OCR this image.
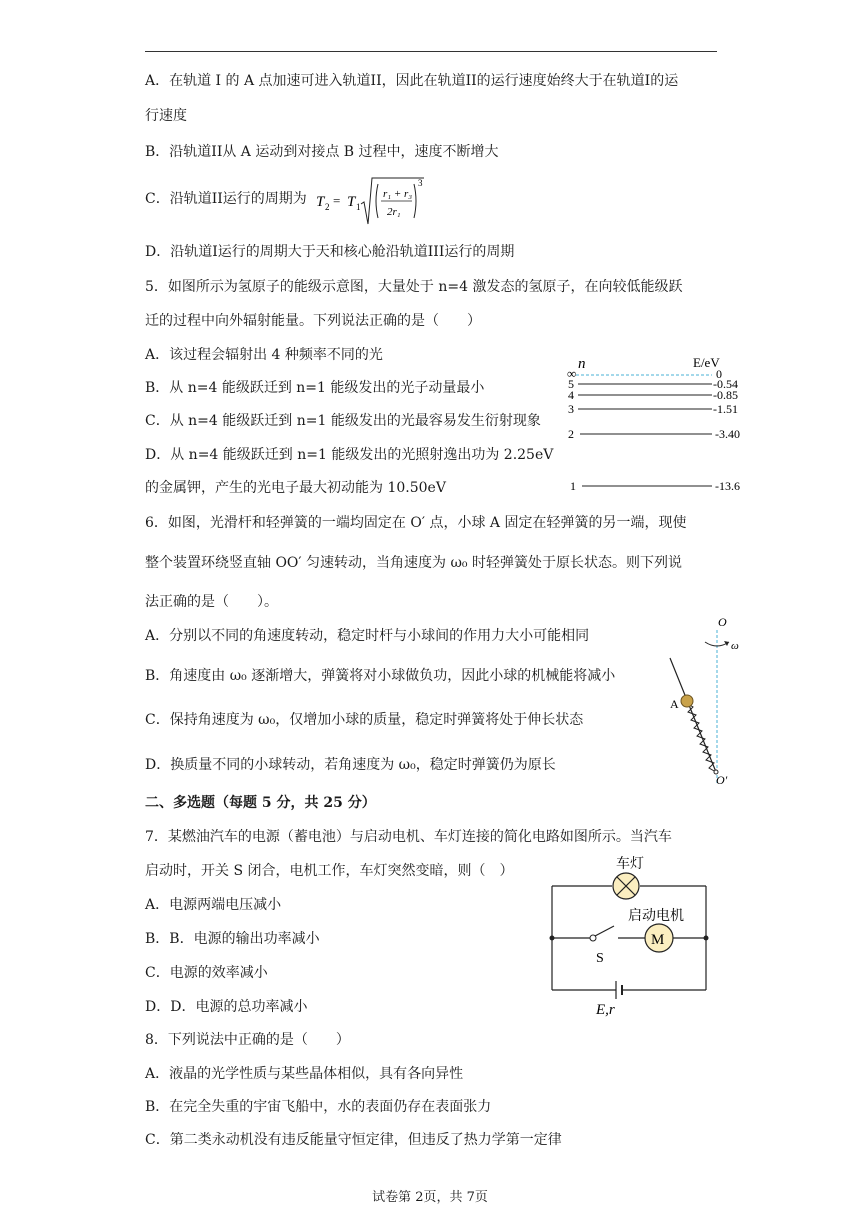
A．在轨道 I 的 A 点加速可进入轨道II，因此在轨道II的运行速度始终大于在轨道I的运
行速度
B．沿轨道II从 A 运动到对接点 B 过程中，速度不断增大
C．沿轨道II运行的周期为 T 2 = T 1
r₁ + r₃
2r₁
3
D．沿轨道I运行的周期大于天和核心舱沿轨道III运行的周期
5．如图所示为氢原子的能级示意图，大量处于 n=4 激发态的氢原子，在向较低能级跃
迁的过程中向外辐射能量。下列说法正确的是（　　）
A．该过程会辐射出 4 种频率不同的光
B．从 n=4 能级跃迁到 n=1 能级发出的光子动量最小
C．从 n=4 能级跃迁到 n=1 能级发出的光最容易发生衍射现象
D．从 n=4 能级跃迁到 n=1 能级发出的光照射逸出功为 2.25eV
的金属钾，产生的光电子最大初动能为 10.50eV
n	E/eV
∞	0
5	-0.54
4	-0.85
3	-1.51
2	-3.40
1	-13.6
6．如图，光滑杆和轻弹簧的一端均固定在 O′ 点，小球 A 固定在轻弹簧的另一端，现使
整个装置环绕竖直轴 OO′ 匀速转动，当角速度为 ω₀ 时轻弹簧处于原长状态。则下列说
法正确的是（　　）。
A．分别以不同的角速度转动，稳定时杆与小球间的作用力大小可能相同
B．角速度由 ω₀ 逐渐增大，弹簧将对小球做负功，因此小球的机械能将减小
C．保持角速度为 ω₀，仅增加小球的质量，稳定时弹簧将处于伸长状态
D．换质量不同的小球转动，若角速度为 ω₀，稳定时弹簧仍为原长
O
ω
A
O′
二、多选题（每题 5 分，共 25 分）
7．某燃油汽车的电源（蓄电池）与启动电机、车灯连接的简化电路如图所示。当汽车
启动时，开关 S 闭合，电机工作，车灯突然变暗，则（　）
A．电源两端电压减小
B．B．电源的输出功率减小
C．电源的效率减小
D．D．电源的总功率减小
车灯
S
启动电机
M
E,r
8．下列说法中正确的是（　　）
A．液晶的光学性质与某些晶体相似，具有各向异性
B．在完全失重的宇宙飞船中，水的表面仍存在表面张力
C．第二类永动机没有违反能量守恒定律，但违反了热力学第一定律
试卷第 2页，共 7页
